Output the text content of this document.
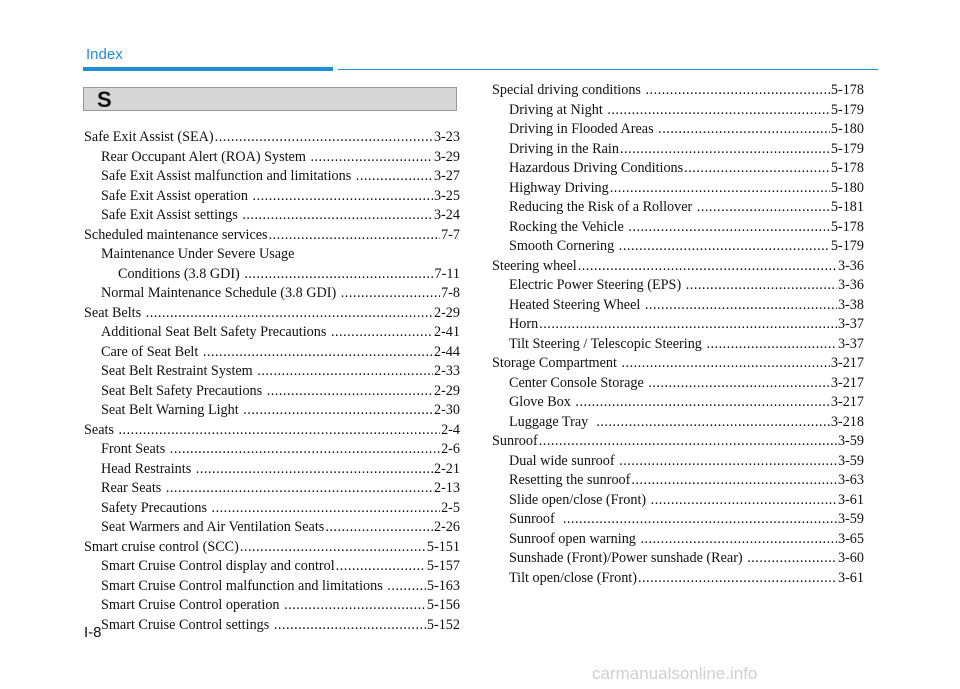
Index
S
Safe Exit Assist (SEA) .....	3-23
Rear Occupant Alert (ROA) System .....	3-29
Safe Exit Assist malfunction and limitations .....	3-27
Safe Exit Assist operation .....	3-25
Safe Exit Assist settings .....	3-24
Scheduled maintenance services .....	7-7
Maintenance Under Severe Usage
Conditions (3.8 GDI) .....	7-11
Normal Maintenance Schedule (3.8 GDI) .....	7-8
Seat Belts .....	2-29
Additional Seat Belt Safety Precautions .....	2-41
Care of Seat Belt .....	2-44
Seat Belt Restraint System .....	2-33
Seat Belt Safety Precautions .....	2-29
Seat Belt Warning Light .....	2-30
Seats .....	2-4
Front Seats .....	2-6
Head Restraints .....	2-21
Rear Seats .....	2-13
Safety Precautions .....	2-5
Seat Warmers and Air Ventilation Seats .....	2-26
Smart cruise control (SCC) .....	5-151
Smart Cruise Control display and control .....	5-157
Smart Cruise Control malfunction and limitations .....	5-163
Smart Cruise Control operation .....	5-156
Smart Cruise Control settings .....	5-152
Special driving conditions .....	5-178
Driving at Night .....	5-179
Driving in Flooded Areas .....	5-180
Driving in the Rain .....	5-179
Hazardous Driving Conditions .....	5-178
Highway Driving .....	5-180
Reducing the Risk of a Rollover .....	5-181
Rocking the Vehicle .....	5-178
Smooth Cornering .....	5-179
Steering wheel .....	3-36
Electric Power Steering (EPS) .....	3-36
Heated Steering Wheel .....	3-38
Horn .....	3-37
Tilt Steering / Telescopic Steering .....	3-37
Storage Compartment .....	3-217
Center Console Storage .....	3-217
Glove Box .....	3-217
Luggage Tray .....	3-218
Sunroof .....	3-59
Dual wide sunroof .....	3-59
Resetting the sunroof .....	3-63
Slide open/close (Front) .....	3-61
Sunroof .....	3-59
Sunroof open warning .....	3-65
Sunshade (Front)/Power sunshade (Rear) .....	3-60
Tilt open/close (Front) .....	3-61
I-8
carmanualsonline.info
